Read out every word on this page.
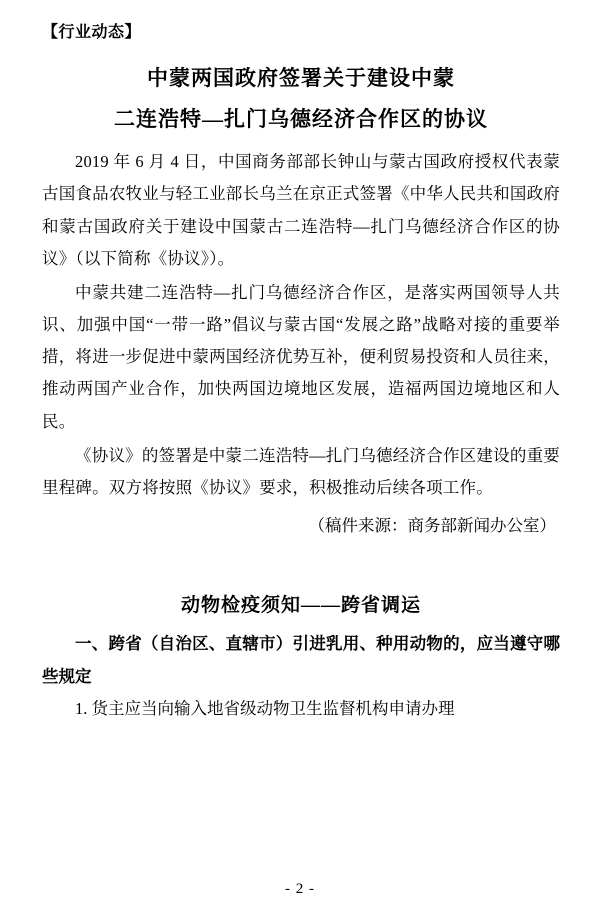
【行业动态】
中蒙两国政府签署关于建设中蒙
二连浩特—扎门乌德经济合作区的协议

2019 年 6 月 4 日，中国商务部部长钟山与蒙古国政府授权代表蒙古国食品农牧业与轻工业部长乌兰在京正式签署《中华人民共和国政府和蒙古国政府关于建设中国蒙古二连浩特—扎门乌德经济合作区的协议》（以下简称《协议》）。

中蒙共建二连浩特—扎门乌德经济合作区，是落实两国领导人共识、加强中国“一带一路”倡议与蒙古国“发展之路”战略对接的重要举措，将进一步促进中蒙两国经济优势互补，便利贸易投资和人员往来，推动两国产业合作，加快两国边境地区发展，造福两国边境地区和人民。

《协议》的签署是中蒙二连浩特—扎门乌德经济合作区建设的重要里程碑。双方将按照《协议》要求，积极推动后续各项工作。

（稿件来源：商务部新闻办公室）

动物检疫须知——跨省调运

一、跨省（自治区、直辖市）引进乳用、种用动物的，应当遵守哪些规定

1. 货主应当向输入地省级动物卫生监督机构申请办理

- 2 -
